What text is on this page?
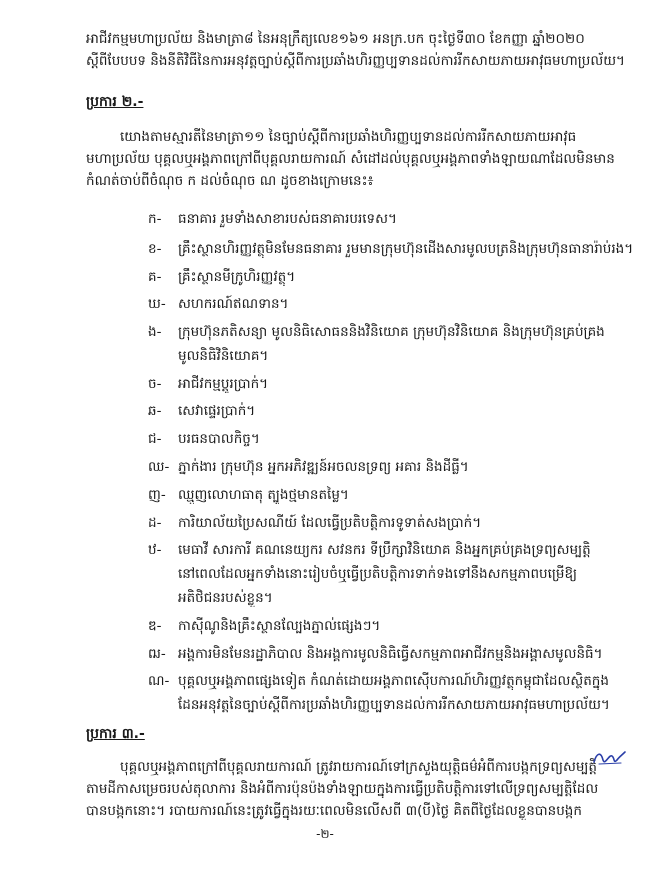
អាជីវកម្មមហាប្រល័យ និងមាត្រា៨ នៃអនុក្រឹត្យលេខ១៦១ អនក្រ.បក ចុះថ្ងៃទី៣០ ខែកញ្ញា ឆ្នាំ២០២០
ស្ដីពីបែបបទ និងនីតិវិធីនៃការអនុវត្តច្បាប់ស្ដីពីការប្រឆាំងហិរញ្ញប្បទានដល់ការរីកសាយភាយអាវុធមហាប្រល័យ។
ប្រការ ២.-
យោងតាមស្មារតីនៃមាត្រា១១ នៃច្បាប់ស្ដីពីការប្រឆាំងហិរញ្ញប្បទានដល់ការរីកសាយភាយអាវុធ
មហាប្រល័យ បុគ្គលឬអង្គភាពក្រៅពីបុគ្គលរាយការណ៍ សំដៅដល់បុគ្គលឬអង្គភាពទាំងឡាយណាដែលមិនមាន
កំណត់ចាប់ពីចំណុច ក ដល់ចំណុច ណ ដូចខាងក្រោមនេះ៖
ក- ធនាគារ រួមទាំងសាខារបស់ធនាគារបរទេស។
ខ- គ្រឹះស្ថានហិរញ្ញវត្ថុមិនមែនធនាគារ រួមមានក្រុមហ៊ុនដើងសារមូលបត្រនិងក្រុមហ៊ុនធានារ៉ាប់រង។
គ- គ្រឹះស្ថានមីក្រូហិរញ្ញវត្ថុ។
ឃ- សហករណ៍ឥណទាន។
ង- ក្រុមហ៊ុនភតិសន្យា មូលនិធិសោធននិងវិនិយោគ ក្រុមហ៊ុនវិនិយោគ និងក្រុមហ៊ុនគ្រប់គ្រង
មូលនិធិវិនិយោគ។
ច- អាជីវកម្មប្ដូរប្រាក់។
ឆ- សេវាផ្ទេរប្រាក់។
ជ- បរធនបាលកិច្ច។
ឈ- ភ្នាក់ងារ ក្រុមហ៊ុន អ្នកអភិវឌ្ឍន៍អចលនទ្រព្យ អគារ និងដីធ្លី។
ញ- ឈ្មួញលោហធាតុ ត្បូងថ្មមានតម្លៃ។
ដ- ការិយាល័យប្រៃសណីយ៍ ដែលធ្វើប្រតិបត្តិការទូទាត់សងប្រាក់។
ឋ- មេធាវី សារការី គណនេយ្យករ សវនករ ទីប្រឹក្សាវិនិយោគ និងអ្នកគ្រប់គ្រងទ្រព្យសម្បត្តិ
នៅពេលដែលអ្នកទាំងនោះរៀបចំឬធ្វើប្រតិបត្តិការទាក់ទងទៅនឹងសកម្មភាពបម្រើឱ្យ
អតិថិជនរបស់ខ្លួន។
ឌ- កាស៊ីណូនិងគ្រឹះស្ថានល្បែងភ្នាល់ផ្សេងៗ។
ឍ- អង្គការមិនមែនរដ្ឋាភិបាល និងអង្គការមូលនិធិធ្វើសកម្មភាពអាជីវកម្មនិងអង្គាសមូលនិធិ។
ណ- បុគ្គលឬអង្គភាពផ្សេងទៀត កំណត់ដោយអង្គភាពស៊ើបការណ៍ហិរញ្ញវត្ថុកម្ពុជាដែលស្ថិតក្នុង
ដែនអនុវត្តនៃច្បាប់ស្ដីពីការប្រឆាំងហិរញ្ញប្បទានដល់ការរីកសាយភាយអាវុធមហាប្រល័យ។
ប្រការ ៣.-
បុគ្គលឬអង្គភាពក្រៅពីបុគ្គលរាយការណ៍ ត្រូវរាយការណ៍ទៅក្រសួងយុត្តិធម៌អំពីការបង្កកទ្រព្យសម្បត្តិ
តាមដីកាសម្រេចរបស់តុលាការ និងអំពីការប៉ុនប៉ងទាំងឡាយក្នុងការធ្វើប្រតិបត្តិការទៅលើទ្រព្យសម្បត្តិដែល
បានបង្កកនោះ។ របាយការណ៍នេះត្រូវធ្វើក្នុងរយៈពេលមិនលើសពី ៣(បី)ថ្ងៃ គិតពីថ្ងៃដែលខ្លួនបានបង្កក
-២-
